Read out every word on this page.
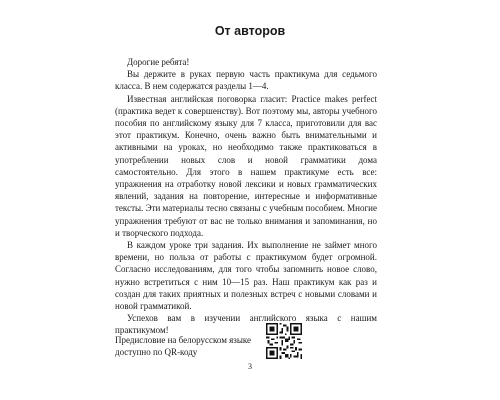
От авторов

Дорогие ребята!

Вы держите в руках первую часть практикума для седьмого класса. В нем содержатся разделы 1—4.

Известная английская поговорка гласит: Practice makes perfect (практика ведет к совершенству). Вот поэтому мы, авторы учебного пособия по английскому языку для 7 класса, приготовили для вас этот практикум. Конечно, очень важно быть внимательными и активными на уроках, но необходимо также практиковаться в употреблении новых слов и новой грамматики дома самостоятельно. Для этого в нашем практикуме есть все: упражнения на отработку новой лексики и новых грамматических явлений, задания на повторение, интересные и информативные тексты. Эти материалы тесно связаны с учебным пособием. Многие упражнения требуют от вас не только внимания и запоминания, но и творческого подхода.

В каждом уроке три задания. Их выполнение не займет много времени, но польза от работы с практикумом будет огромной. Согласно исследованиям, для того чтобы запомнить новое слово, нужно встретиться с ним 10—15 раз. Наш практикум как раз и создан для таких приятных и полезных встреч с новыми словами и новой грамматикой.

Успехов вам в изучении английского языка с нашим практикумом!

Предисловие на белорусском языке

доступно по QR-коду

3
